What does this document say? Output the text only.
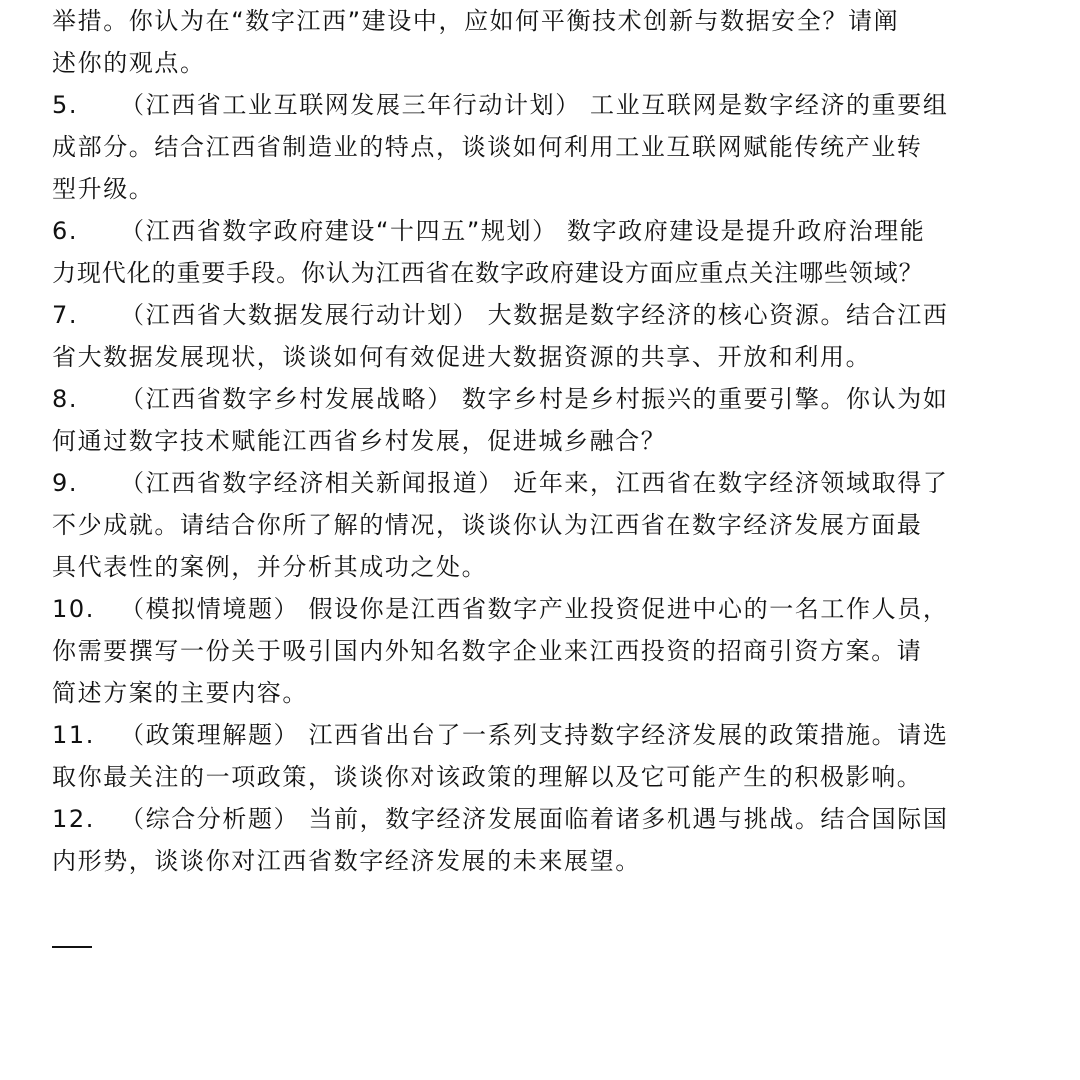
举措。你认为在“数字江西”建设中，应如何平衡技术创新与数据安全？请阐
述你的观点。
5. （江西省工业互联网发展三年行动计划） 工业互联网是数字经济的重要组
成部分。结合江西省制造业的特点，谈谈如何利用工业互联网赋能传统产业转
型升级。
6. （江西省数字政府建设“十四五”规划） 数字政府建设是提升政府治理能
力现代化的重要手段。你认为江西省在数字政府建设方面应重点关注哪些领域？
7. （江西省大数据发展行动计划） 大数据是数字经济的核心资源。结合江西
省大数据发展现状，谈谈如何有效促进大数据资源的共享、开放和利用。
8. （江西省数字乡村发展战略） 数字乡村是乡村振兴的重要引擎。你认为如
何通过数字技术赋能江西省乡村发展，促进城乡融合？
9. （江西省数字经济相关新闻报道） 近年来，江西省在数字经济领域取得了
不少成就。请结合你所了解的情况，谈谈你认为江西省在数字经济发展方面最
具代表性的案例，并分析其成功之处。
10. （模拟情境题） 假设你是江西省数字产业投资促进中心的一名工作人员，
你需要撰写一份关于吸引国内外知名数字企业来江西投资的招商引资方案。请
简述方案的主要内容。
11. （政策理解题） 江西省出台了一系列支持数字经济发展的政策措施。请选
取你最关注的一项政策，谈谈你对该政策的理解以及它可能产生的积极影响。
12. （综合分析题） 当前，数字经济发展面临着诸多机遇与挑战。结合国际国
内形势，谈谈你对江西省数字经济发展的未来展望。
